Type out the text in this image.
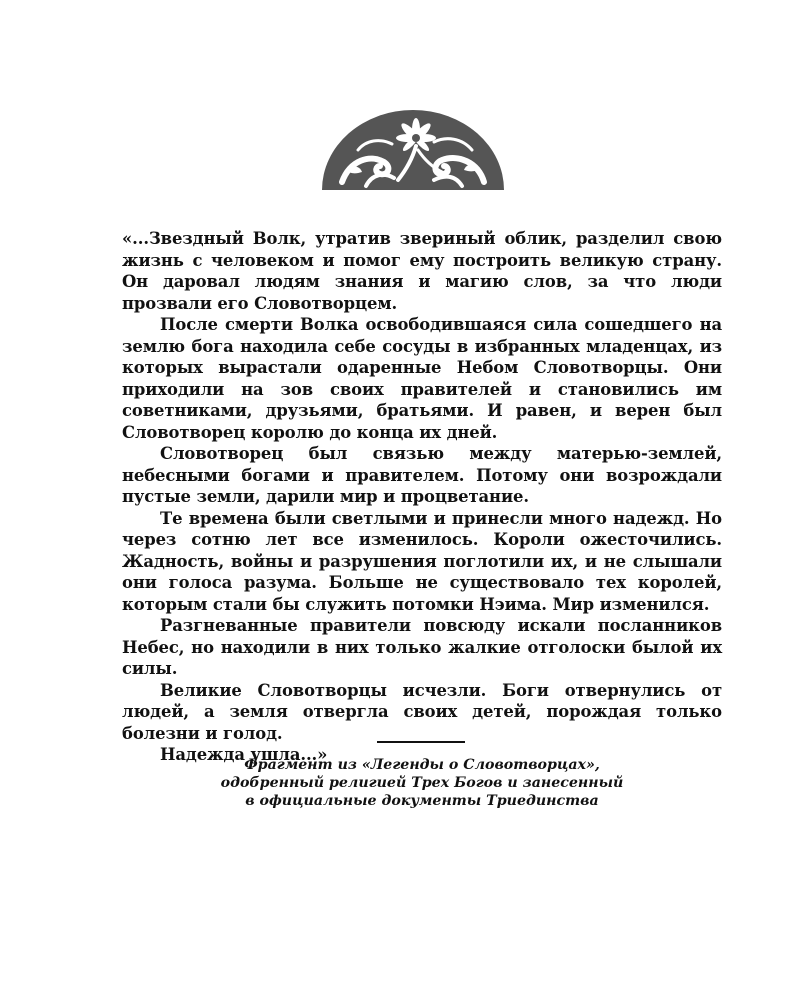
«...Звездный Волк, утратив звериный облик, разделил свою жизнь с человеком и помог ему построить великую страну. Он даровал людям знания и магию слов, за что люди прозвали его Словотворцем.

После смерти Волка освободившаяся сила сошедшего на землю бога находила себе сосуды в избранных младенцах, из которых вырастали одаренные Небом Словотворцы. Они приходили на зов своих правителей и становились им советниками, друзьями, братьями. И равен, и верен был Словотворец королю до конца их дней.

Словотворец был связью между матерью-землей, небесными богами и правителем. Потому они возрождали пустые земли, дарили мир и процветание.

Те времена были светлыми и принесли много надежд. Но через сотню лет все изменилось. Короли ожесточились. Жадность, войны и разрушения поглотили их, и не слышали они голоса разума. Больше не существовало тех королей, которым стали бы служить потомки Нэима. Мир изменился.

Разгневанные правители повсюду искали посланников Небес, но находили в них только жалкие отголоски былой их силы.

Великие Словотворцы исчезли. Боги отвернулись от людей, а земля отвергла своих детей, порождая только болезни и голод.

Надежда ушла...»

Фрагмент из «Легенды о Словотворцах»,
одобренный религией Трех Богов и занесенный
в официальные документы Триединства
